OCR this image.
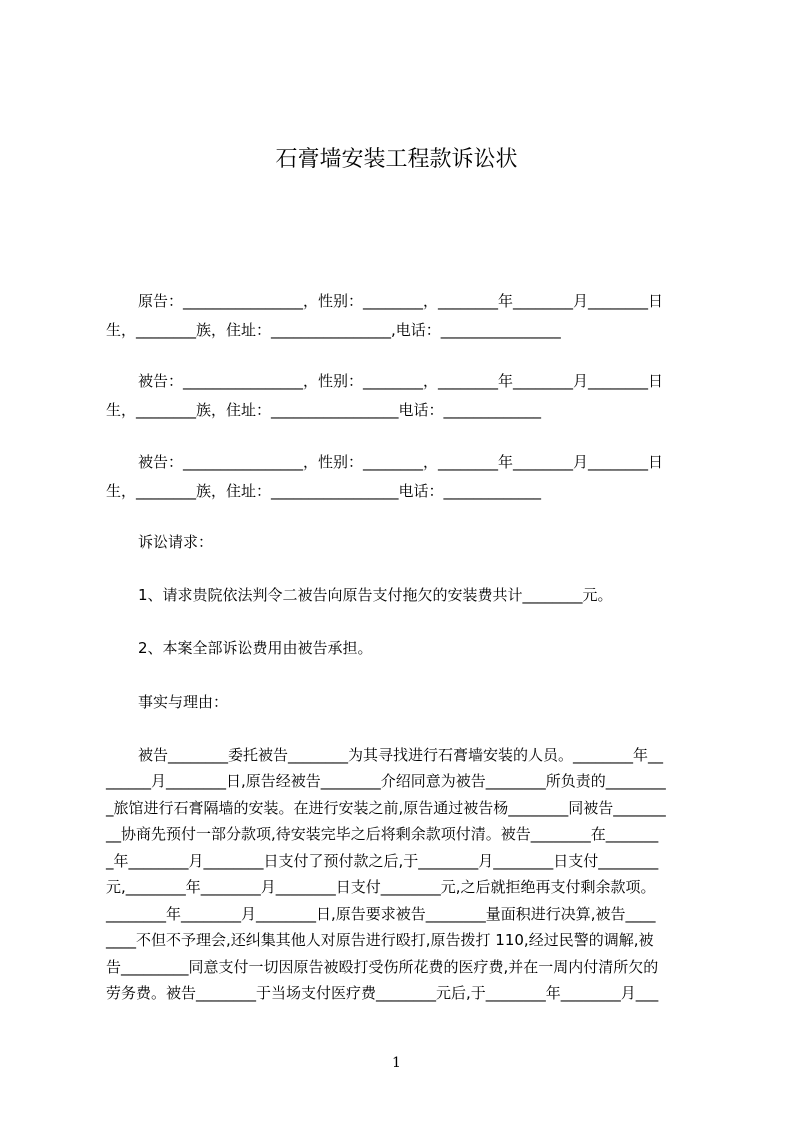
石膏墙安装工程款诉讼状
原告：________________，性别：________，________年________月________日
生，________族，住址：________________,电话：________________
被告：________________，性别：________，________年________月________日
生，________族，住址：_________________电话：_____________
被告：________________，性别：________，________年________月________日
生，________族，住址：_________________电话：_____________
诉讼请求：
1、请求贵院依法判令二被告向原告支付拖欠的安装费共计________元。
2、本案全部诉讼费用由被告承担。
事实与理由：
被告________委托被告________为其寻找进行石膏墙安装的人员。________年__
______月________日,原告经被告________介绍同意为被告________所负责的________
_旅馆进行石膏隔墙的安装。在进行安装之前,原告通过被告杨________同被告_______
__协商先预付一部分款项,待安装完毕之后将剩余款项付清。被告________在_______
_年________月________日支付了预付款之后,于________月________日支付________
元,________年________月________日支付________元,之后就拒绝再支付剩余款项。
________年________月________日,原告要求被告________量面积进行决算,被告____
____不但不予理会,还纠集其他人对原告进行殴打,原告拨打 110,经过民警的调解,被
告_________同意支付一切因原告被殴打受伤所花费的医疗费,并在一周内付清所欠的
劳务费。被告________于当场支付医疗费________元后,于________年________月___
1
